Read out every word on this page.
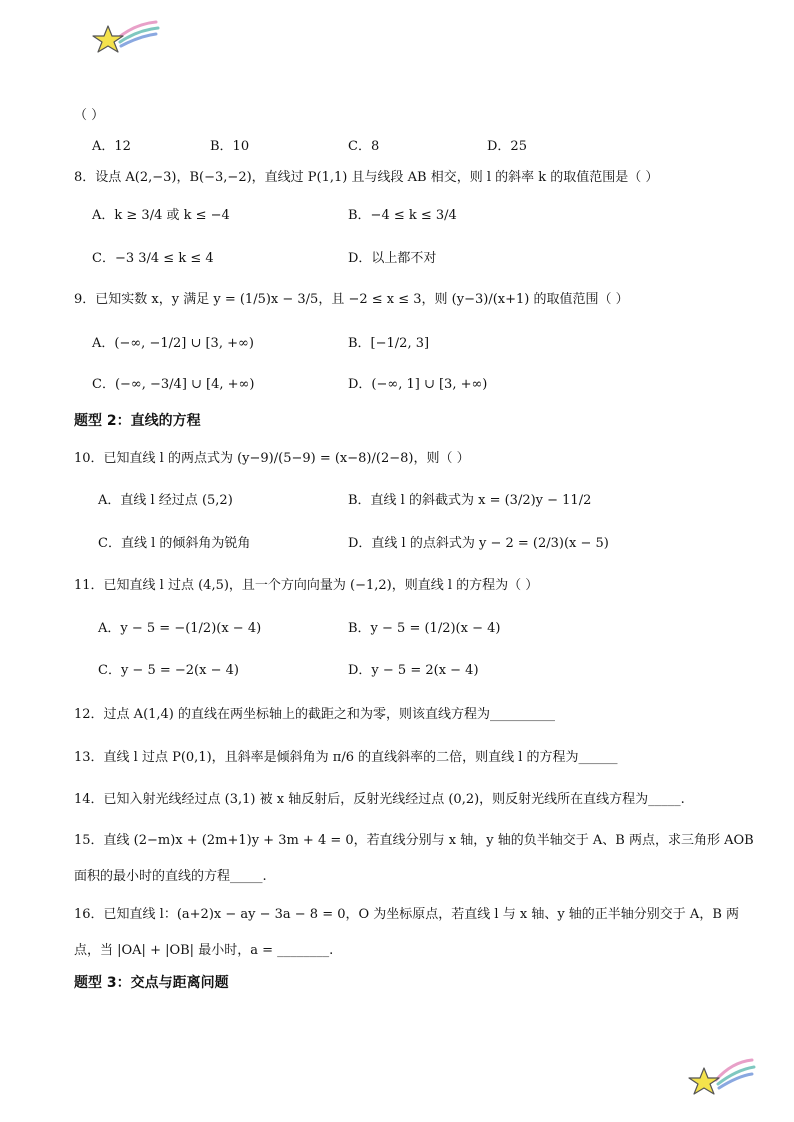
（ ）
A．12	B．10	C．8	D．25
8．设点 A(2,−3)，B(−3,−2)，直线过 P(1,1) 且与线段 AB 相交，则 l 的斜率 k 的取值范围是（ ）
A．k ≥ 3/4 或 k ≤ −4	B．−4 ≤ k ≤ 3/4
C．−3 3/4 ≤ k ≤ 4	D．以上都不对
9．已知实数 x，y 满足 y = (1/5)x − 3/5，且 −2 ≤ x ≤ 3，则 (y−3)/(x+1) 的取值范围（ ）
A．(−∞, −1/2] ∪ [3, +∞)	B．[−1/2, 3]
C．(−∞, −3/4] ∪ [4, +∞)	D．(−∞, 1] ∪ [3, +∞)
题型 2：直线的方程
10．已知直线 l 的两点式为 (y−9)/(5−9) = (x−8)/(2−8)，则（ ）
A．直线 l 经过点 (5,2)	B．直线 l 的斜截式为 x = (3/2)y − 11/2
C．直线 l 的倾斜角为锐角	D．直线 l 的点斜式为 y − 2 = (2/3)(x − 5)
11．已知直线 l 过点 (4,5)，且一个方向向量为 (−1,2)，则直线 l 的方程为（ ）
A．y − 5 = −(1/2)(x − 4)	B．y − 5 = (1/2)(x − 4)
C．y − 5 = −2(x − 4)	D．y − 5 = 2(x − 4)
12．过点 A(1,4) 的直线在两坐标轴上的截距之和为零，则该直线方程为__________
13．直线 l 过点 P(0,1)，且斜率是倾斜角为 π/6 的直线斜率的二倍，则直线 l 的方程为______
14．已知入射光线经过点 (3,1) 被 x 轴反射后，反射光线经过点 (0,2)，则反射光线所在直线方程为_____.
15．直线 (2−m)x + (2m+1)y + 3m + 4 = 0，若直线分别与 x 轴，y 轴的负半轴交于 A、B 两点，求三角形 AOB
面积的最小时的直线的方程_____.
16．已知直线 l：(a+2)x − ay − 3a − 8 = 0，O 为坐标原点，若直线 l 与 x 轴、y 轴的正半轴分别交于 A，B 两
点，当 |OA| + |OB| 最小时，a = ________.
题型 3：交点与距离问题
